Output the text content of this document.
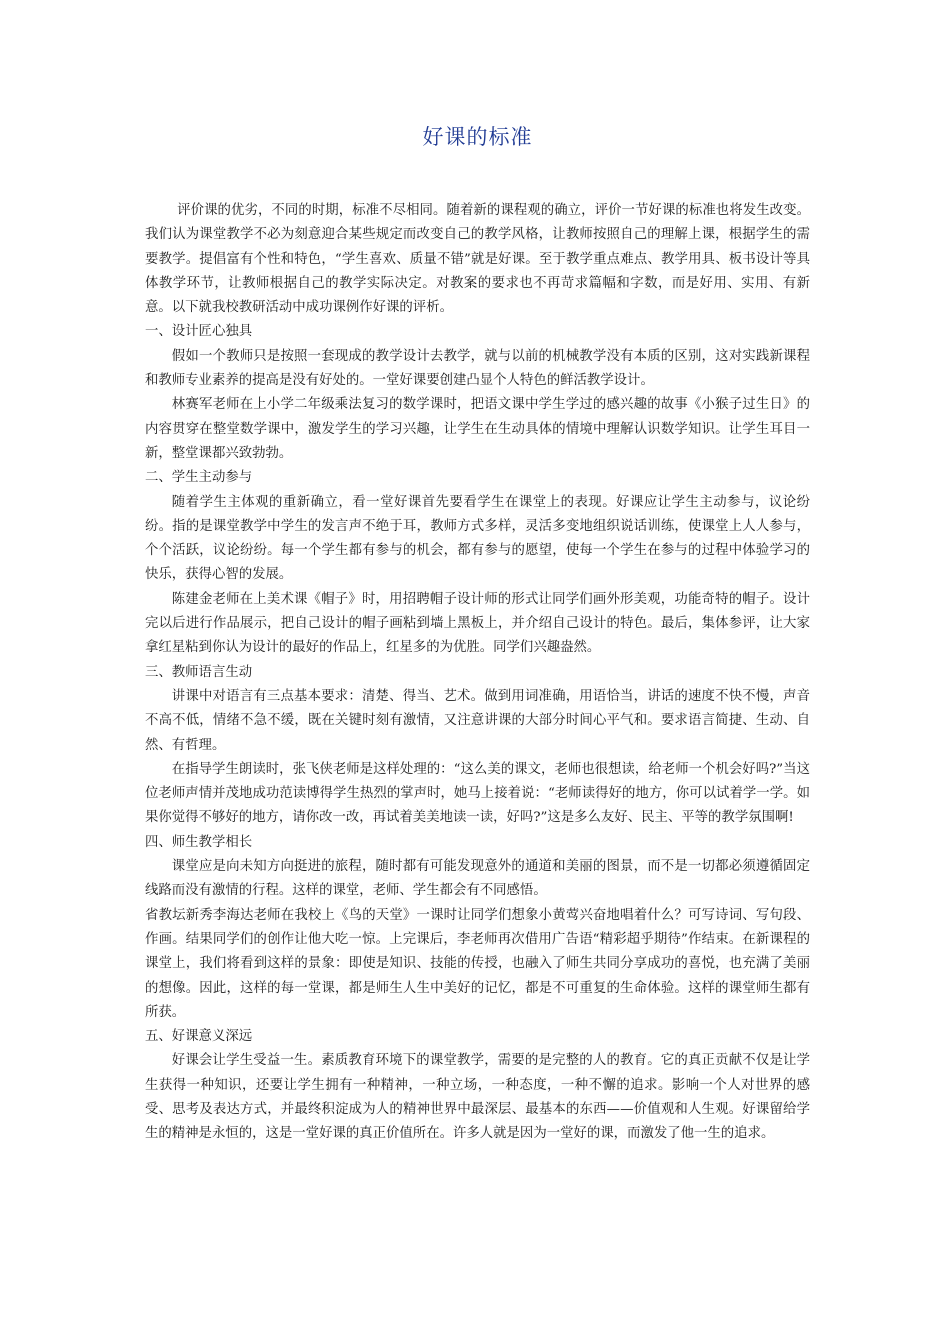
好课的标准

评价课的优劣，不同的时期，标准不尽相同。随着新的课程观的确立，评价一节好课的标准也将发生改变。我们认为课堂教学不必为刻意迎合某些规定而改变自己的教学风格，让教师按照自己的理解上课，根据学生的需要教学。提倡富有个性和特色，“学生喜欢、质量不错”就是好课。至于教学重点难点、教学用具、板书设计等具体教学环节，让教师根据自己的教学实际决定。对教案的要求也不再苛求篇幅和字数，而是好用、实用、有新意。以下就我校教研活动中成功课例作好课的评析。

一、设计匠心独具

假如一个教师只是按照一套现成的教学设计去教学，就与以前的机械教学没有本质的区别，这对实践新课程和教师专业素养的提高是没有好处的。一堂好课要创建凸显个人特色的鲜活教学设计。

林赛军老师在上小学二年级乘法复习的数学课时，把语文课中学生学过的感兴趣的故事《小猴子过生日》的内容贯穿在整堂数学课中，激发学生的学习兴趣，让学生在生动具体的情境中理解认识数学知识。让学生耳目一新，整堂课都兴致勃勃。

二、学生主动参与

随着学生主体观的重新确立，看一堂好课首先要看学生在课堂上的表现。好课应让学生主动参与，议论纷纷。指的是课堂教学中学生的发言声不绝于耳，教师方式多样，灵活多变地组织说话训练，使课堂上人人参与，个个活跃，议论纷纷。每一个学生都有参与的机会，都有参与的愿望，使每一个学生在参与的过程中体验学习的快乐，获得心智的发展。

陈建金老师在上美术课《帽子》时，用招聘帽子设计师的形式让同学们画外形美观，功能奇特的帽子。设计完以后进行作品展示，把自己设计的帽子画粘到墙上黑板上，并介绍自己设计的特色。最后，集体参评，让大家拿红星粘到你认为设计的最好的作品上，红星多的为优胜。同学们兴趣盎然。

三、教师语言生动

讲课中对语言有三点基本要求：清楚、得当、艺术。做到用词准确，用语恰当，讲话的速度不快不慢，声音不高不低，情绪不急不缓，既在关键时刻有激情，又注意讲课的大部分时间心平气和。要求语言简捷、生动、自然、有哲理。

在指导学生朗读时，张飞侠老师是这样处理的：“这么美的课文，老师也很想读，给老师一个机会好吗?”当这位老师声情并茂地成功范读博得学生热烈的掌声时，她马上接着说：“老师读得好的地方，你可以试着学一学。如果你觉得不够好的地方，请你改一改，再试着美美地读一读，好吗?”这是多么友好、民主、平等的教学氛围啊!

四、师生教学相长

课堂应是向未知方向挺进的旅程，随时都有可能发现意外的通道和美丽的图景，而不是一切都必须遵循固定线路而没有激情的行程。这样的课堂，老师、学生都会有不同感悟。

省教坛新秀李海达老师在我校上《鸟的天堂》一课时让同学们想象小黄莺兴奋地唱着什么？可写诗词、写句段、作画。结果同学们的创作让他大吃一惊。上完课后，李老师再次借用广告语“精彩超乎期待”作结束。在新课程的课堂上，我们将看到这样的景象：即使是知识、技能的传授，也融入了师生共同分享成功的喜悦，也充满了美丽的想像。因此，这样的每一堂课，都是师生人生中美好的记忆，都是不可重复的生命体验。这样的课堂师生都有所获。

五、好课意义深远

好课会让学生受益一生。素质教育环境下的课堂教学，需要的是完整的人的教育。它的真正贡献不仅是让学生获得一种知识，还要让学生拥有一种精神，一种立场，一种态度，一种不懈的追求。影响一个人对世界的感受、思考及表达方式，并最终积淀成为人的精神世界中最深层、最基本的东西——价值观和人生观。好课留给学生的精神是永恒的，这是一堂好课的真正价值所在。许多人就是因为一堂好的课，而激发了他一生的追求。
